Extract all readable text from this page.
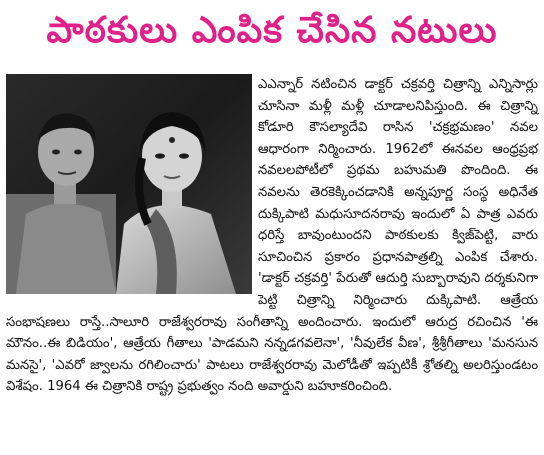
పాఠకులు ఎంపిక చేసిన నటులు

ఎఎన్నార్ నటించిన డాక్టర్ చక్రవర్తి చిత్రాన్ని ఎన్నిసార్లు చూసినా మళ్లీ మళ్లీ చూడాలనిపిస్తుంది. ఈ చిత్రాన్ని కోడూరి కౌసల్యాదేవి రాసిన 'చక్రభ్రమణం' నవల ఆధారంగా నిర్మించారు. 1962లో ఈనవల ఆంధ్రప్రభ నవలలపోటీలో ప్రథమ బహుమతి పొందింది. ఈ నవలను తెరకెక్కించడానికి అన్నపూర్ణ సంస్థ అధినేత దుక్కిపాటి మధుసూదనరావు ఇందులో ఏ పాత్ర ఎవరు ధరిస్తే బావుంటుందని పాఠకులకు క్విజ్‌పెట్టి, వారు సూచించిన ప్రకారం ప్రధానపాత్రల్ని ఎంపిక చేశారు. 'డాక్టర్ చక్రవర్తి' పేరుతో ఆదుర్తి సుబ్బారావుని దర్శకునిగా పెట్టి చిత్రాన్ని నిర్మించారు దుక్కిపాటి. ఆత్రేయ సంభాషణలు రాస్తే..సాలూరి రాజేశ్వరరావు సంగీతాన్ని అందించారు. ఇందులో ఆరుద్ర రచించిన 'ఈ మౌనం..ఈ బిడియం', ఆత్రేయ గీతాలు 'పాడమని నన్నడగవలెనా', 'నీవులేక వీణ', శ్రీశ్రీగీతాలు 'మనసున మనసై', 'ఎవరో జ్వాలను రగిలించారు' పాటలు రాజేశ్వరరావు మెలోడీతో ఇప్పటికీ శ్రోతల్ని అలరిస్తుండటం విశేషం. 1964 ఈ చిత్రానికి రాష్ట్ర ప్రభుత్వం నంది అవార్డుని బహూకరించింది.
